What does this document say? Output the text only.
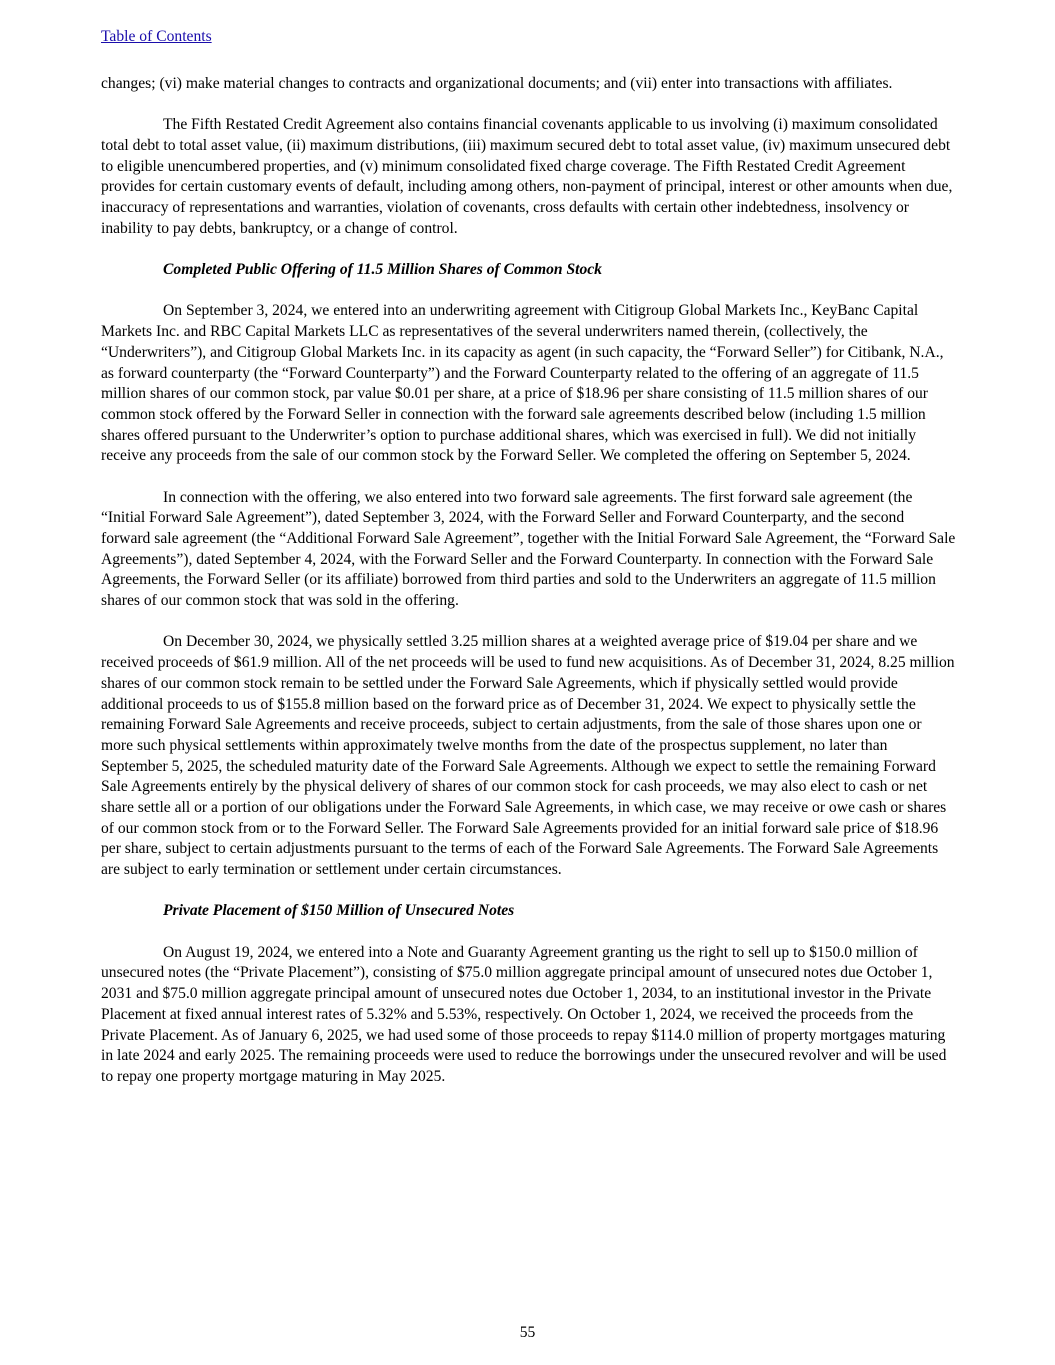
Table of Contents

changes; (vi) make material changes to contracts and organizational documents; and (vii) enter into transactions with affiliates.

The Fifth Restated Credit Agreement also contains financial covenants applicable to us involving (i) maximum consolidated total debt to total asset value, (ii) maximum distributions, (iii) maximum secured debt to total asset value, (iv) maximum unsecured debt to eligible unencumbered properties, and (v) minimum consolidated fixed charge coverage. The Fifth Restated Credit Agreement provides for certain customary events of default, including among others, non-payment of principal, interest or other amounts when due, inaccuracy of representations and warranties, violation of covenants, cross defaults with certain other indebtedness, insolvency or inability to pay debts, bankruptcy, or a change of control.

Completed Public Offering of 11.5 Million Shares of Common Stock

On September 3, 2024, we entered into an underwriting agreement with Citigroup Global Markets Inc., KeyBanc Capital Markets Inc. and RBC Capital Markets LLC as representatives of the several underwriters named therein, (collectively, the “Underwriters”), and Citigroup Global Markets Inc. in its capacity as agent (in such capacity, the “Forward Seller”) for Citibank, N.A., as forward counterparty (the “Forward Counterparty”) and the Forward Counterparty related to the offering of an aggregate of 11.5 million shares of our common stock, par value $0.01 per share, at a price of $18.96 per share consisting of 11.5 million shares of our common stock offered by the Forward Seller in connection with the forward sale agreements described below (including 1.5 million shares offered pursuant to the Underwriter’s option to purchase additional shares, which was exercised in full). We did not initially receive any proceeds from the sale of our common stock by the Forward Seller. We completed the offering on September 5, 2024.

In connection with the offering, we also entered into two forward sale agreements. The first forward sale agreement (the “Initial Forward Sale Agreement”), dated September 3, 2024, with the Forward Seller and Forward Counterparty, and the second forward sale agreement (the “Additional Forward Sale Agreement”, together with the Initial Forward Sale Agreement, the “Forward Sale Agreements”), dated September 4, 2024, with the Forward Seller and the Forward Counterparty. In connection with the Forward Sale Agreements, the Forward Seller (or its affiliate) borrowed from third parties and sold to the Underwriters an aggregate of 11.5 million shares of our common stock that was sold in the offering.

On December 30, 2024, we physically settled 3.25 million shares at a weighted average price of $19.04 per share and we received proceeds of $61.9 million. All of the net proceeds will be used to fund new acquisitions. As of December 31, 2024, 8.25 million shares of our common stock remain to be settled under the Forward Sale Agreements, which if physically settled would provide additional proceeds to us of $155.8 million based on the forward price as of December 31, 2024. We expect to physically settle the remaining Forward Sale Agreements and receive proceeds, subject to certain adjustments, from the sale of those shares upon one or more such physical settlements within approximately twelve months from the date of the prospectus supplement, no later than September 5, 2025, the scheduled maturity date of the Forward Sale Agreements. Although we expect to settle the remaining Forward Sale Agreements entirely by the physical delivery of shares of our common stock for cash proceeds, we may also elect to cash or net share settle all or a portion of our obligations under the Forward Sale Agreements, in which case, we may receive or owe cash or shares of our common stock from or to the Forward Seller. The Forward Sale Agreements provided for an initial forward sale price of $18.96 per share, subject to certain adjustments pursuant to the terms of each of the Forward Sale Agreements. The Forward Sale Agreements are subject to early termination or settlement under certain circumstances.

Private Placement of $150 Million of Unsecured Notes

On August 19, 2024, we entered into a Note and Guaranty Agreement granting us the right to sell up to $150.0 million of unsecured notes (the “Private Placement”), consisting of $75.0 million aggregate principal amount of unsecured notes due October 1, 2031 and $75.0 million aggregate principal amount of unsecured notes due October 1, 2034, to an institutional investor in the Private Placement at fixed annual interest rates of 5.32% and 5.53%, respectively. On October 1, 2024, we received the proceeds from the Private Placement. As of January 6, 2025, we had used some of those proceeds to repay $114.0 million of property mortgages maturing in late 2024 and early 2025. The remaining proceeds were used to reduce the borrowings under the unsecured revolver and will be used to repay one property mortgage maturing in May 2025.

55
